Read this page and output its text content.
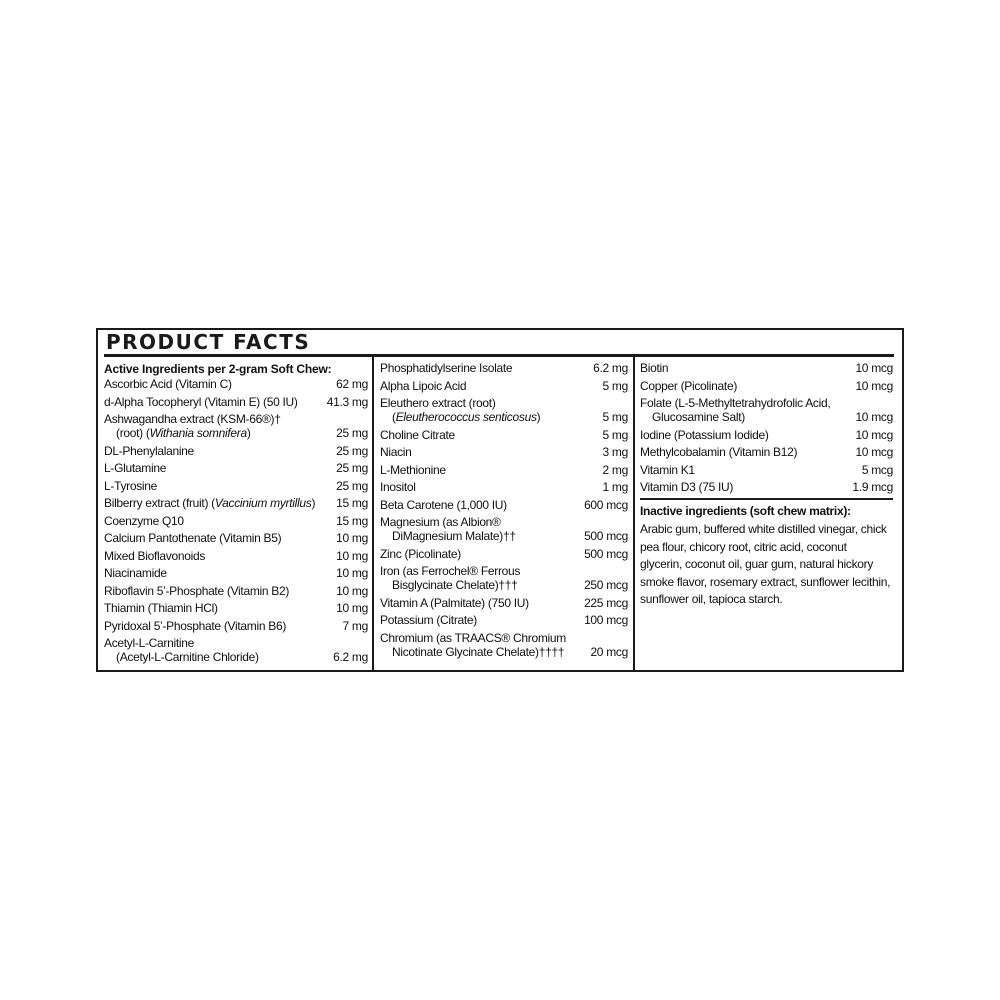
PRODUCT FACTS
Active Ingredients per 2-gram Soft Chew:
Ascorbic Acid (Vitamin C)	62 mg
d-Alpha Tocopheryl (Vitamin E) (50 IU)	41.3 mg
Ashwagandha extract (KSM-66®)†
(root) (Withania somnifera)	25 mg
DL-Phenylalanine	25 mg
L-Glutamine	25 mg
L-Tyrosine	25 mg
Bilberry extract (fruit) (Vaccinium myrtillus) 15 mg
Coenzyme Q10	15 mg
Calcium Pantothenate (Vitamin B5)	10 mg
Mixed Bioflavonoids	10 mg
Niacinamide	10 mg
Riboflavin 5’-Phosphate (Vitamin B2)	10 mg
Thiamin (Thiamin HCl)	10 mg
Pyridoxal 5’-Phosphate (Vitamin B6)	7 mg
Acetyl-L-Carnitine
(Acetyl-L-Carnitine Chloride)	6.2 mg
Phosphatidylserine Isolate	6.2 mg
Alpha Lipoic Acid	5 mg
Eleuthero extract (root)
(Eleutherococcus senticosus)	5 mg
Choline Citrate	5 mg
Niacin	3 mg
L-Methionine	2 mg
Inositol	1 mg
Beta Carotene (1,000 IU)	600 mcg
Magnesium (as Albion®
DiMagnesium Malate)††	500 mcg
Zinc (Picolinate)	500 mcg
Iron (as Ferrochel® Ferrous
Bisglycinate Chelate)†††	250 mcg
Vitamin A (Palmitate) (750 IU)	225 mcg
Potassium (Citrate)	100 mcg
Chromium (as TRAACS® Chromium
Nicotinate Glycinate Chelate)††††	20 mcg
Biotin	10 mcg
Copper (Picolinate)	10 mcg
Folate (L-5-Methyltetrahydrofolic Acid,
Glucosamine Salt)	10 mcg
Iodine (Potassium Iodide)	10 mcg
Methylcobalamin (Vitamin B12)	10 mcg
Vitamin K1	5 mcg
Vitamin D3 (75 IU)	1.9 mcg
Inactive ingredients (soft chew matrix):
Arabic gum, buffered white distilled vinegar, chick pea flour, chicory root, citric acid, coconut glycerin, coconut oil, guar gum, natural hickory smoke flavor, rosemary extract, sunflower lecithin, sunflower oil, tapioca starch.
